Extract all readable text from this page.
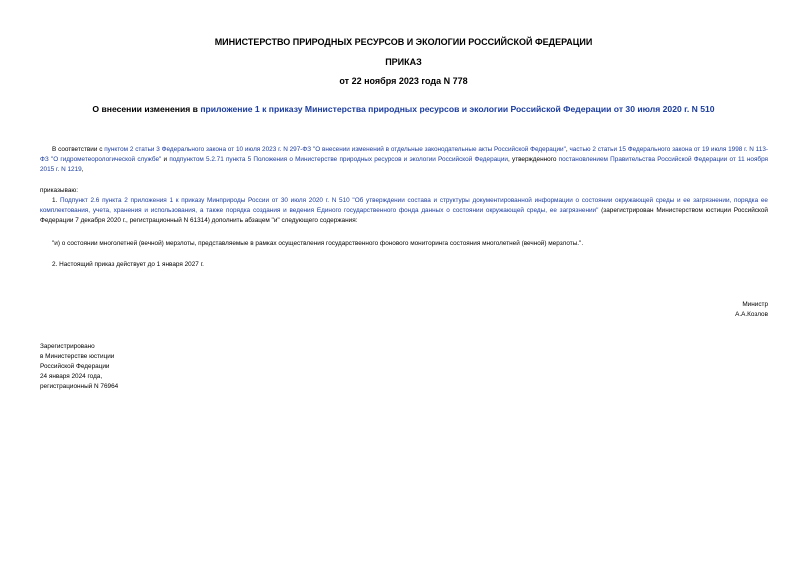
МИНИСТЕРСТВО ПРИРОДНЫХ РЕСУРСОВ И ЭКОЛОГИИ РОССИЙСКОЙ ФЕДЕРАЦИИ
ПРИКАЗ
от 22 ноября 2023 года N 778
О внесении изменения в приложение 1 к приказу Министерства природных ресурсов и экологии Российской Федерации от 30 июля 2020 г. N 510
В соответствии с пунктом 2 статьи 3 Федерального закона от 10 июля 2023 г. N 297-ФЗ "О внесении изменений в отдельные законодательные акты Российской Федерации", частью 2 статьи 15 Федерального закона от 19 июля 1998 г. N 113-ФЗ "О гидрометеорологической службе" и подпунктом 5.2.71 пункта 5 Положения о Министерстве природных ресурсов и экологии Российской Федерации, утвержденного постановлением Правительства Российской Федерации от 11 ноября 2015 г. N 1219,
приказываю:
1. Подпункт 2.6 пункта 2 приложения 1 к приказу Минприроды России от 30 июля 2020 г. N 510 "Об утверждении состава и структуры документированной информации о состоянии окружающей среды и ее загрязнении, порядка ее комплектования, учета, хранения и использования, а также порядка создания и ведения Единого государственного фонда данных о состоянии окружающей среды, ее загрязнении" (зарегистрирован Министерством юстиции Российской Федерации 7 декабря 2020 г., регистрационный N 61314) дополнить абзацем "и" следующего содержания:
"и) о состоянии многолетней (вечной) мерзлоты, представляемые в рамках осуществления государственного фонового мониторинга состояния многолетней (вечной) мерзлоты.".
2. Настоящий приказ действует до 1 января 2027 г.
Министр
А.А.Козлов
Зарегистрировано
в Министерстве юстиции
Российской Федерации
24 января 2024 года,
регистрационный N 76964
